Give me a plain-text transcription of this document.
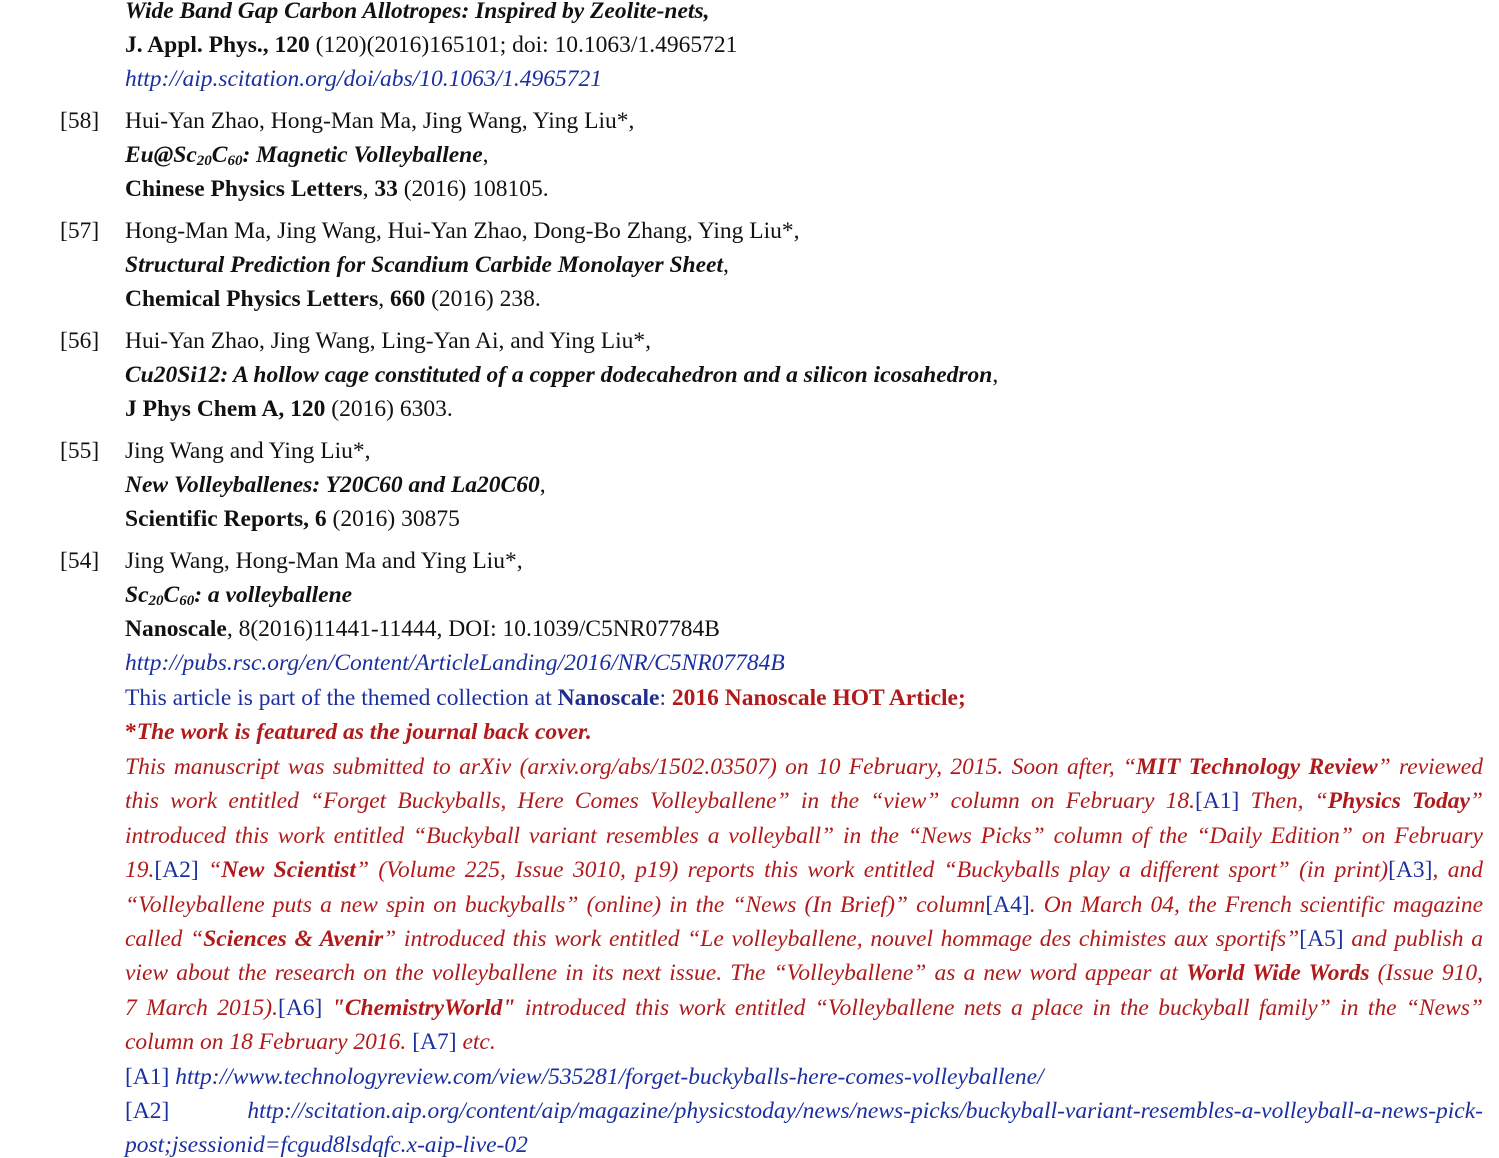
Wide Band Gap Carbon Allotropes: Inspired by Zeolite-nets,
J. Appl. Phys., 120 (120)(2016)165101; doi: 10.1063/1.4965721
http://aip.scitation.org/doi/abs/10.1063/1.4965721
[58] Hui-Yan Zhao, Hong-Man Ma, Jing Wang, Ying Liu*,
$Eu@Sc_{20}C_{60}$: Magnetic Volleyballene,
Chinese Physics Letters, 33 (2016) 108105.
[57] Hong-Man Ma, Jing Wang, Hui-Yan Zhao, Dong-Bo Zhang, Ying Liu*,
Structural Prediction for Scandium Carbide Monolayer Sheet,
Chemical Physics Letters, 660 (2016) 238.
[56] Hui-Yan Zhao, Jing Wang, Ling-Yan Ai, and Ying Liu*,
Cu20Si12: A hollow cage constituted of a copper dodecahedron and a silicon icosahedron,
J Phys Chem A, 120 (2016) 6303.
[55] Jing Wang and Ying Liu*,
New Volleyballenes: Y20C60 and La20C60,
Scientific Reports, 6 (2016) 30875
[54] Jing Wang, Hong-Man Ma and Ying Liu*,
$Sc_{20}C_{60}$: a volleyballene
Nanoscale, 8(2016)11441-11444, DOI: 10.1039/C5NR07784B
http://pubs.rsc.org/en/Content/ArticleLanding/2016/NR/C5NR07784B
This article is part of the themed collection at Nanoscale: 2016 Nanoscale HOT Article;
*The work is featured as the journal back cover.
This manuscript was submitted to arXiv (arxiv.org/abs/1502.03507) on 10 February, 2015. Soon after, “MIT Technology Review” reviewed
this work entitled “Forget Buckyballs, Here Comes Volleyballene” in the “view” column on February 18.[A1] Then, “Physics Today”
introduced this work entitled “Buckyball variant resembles a volleyball” in the “News Picks” column of the “Daily Edition” on February
19.[A2] “New Scientist” (Volume 225, Issue 3010, p19) reports this work entitled “Buckyballs play a different sport” (in print)[A3], and
“Volleyballene puts a new spin on buckyballs” (online) in the “News (In Brief)” column[A4]. On March 04, the French scientific magazine
called “Sciences & Avenir” introduced this work entitled “Le volleyballene, nouvel hommage des chimistes aux sportifs”[A5] and publish a
view about the research on the volleyballene in its next issue. The “Volleyballene” as a new word appear at World Wide Words (Issue 910,
7 March 2015).[A6] "ChemistryWorld" introduced this work entitled “Volleyballene nets a place in the buckyball family” in the “News”
column on 18 February 2016. [A7] etc.
[A1] http://www.technologyreview.com/view/535281/forget-buckyballs-here-comes-volleyballene/
[A2]	http://scitation.aip.org/content/aip/magazine/physicstoday/news/news-picks/buckyball-variant-resembles-a-volleyball-a-news-pick-
post;jsessionid=fcgud8lsdqfc.x-aip-live-02
